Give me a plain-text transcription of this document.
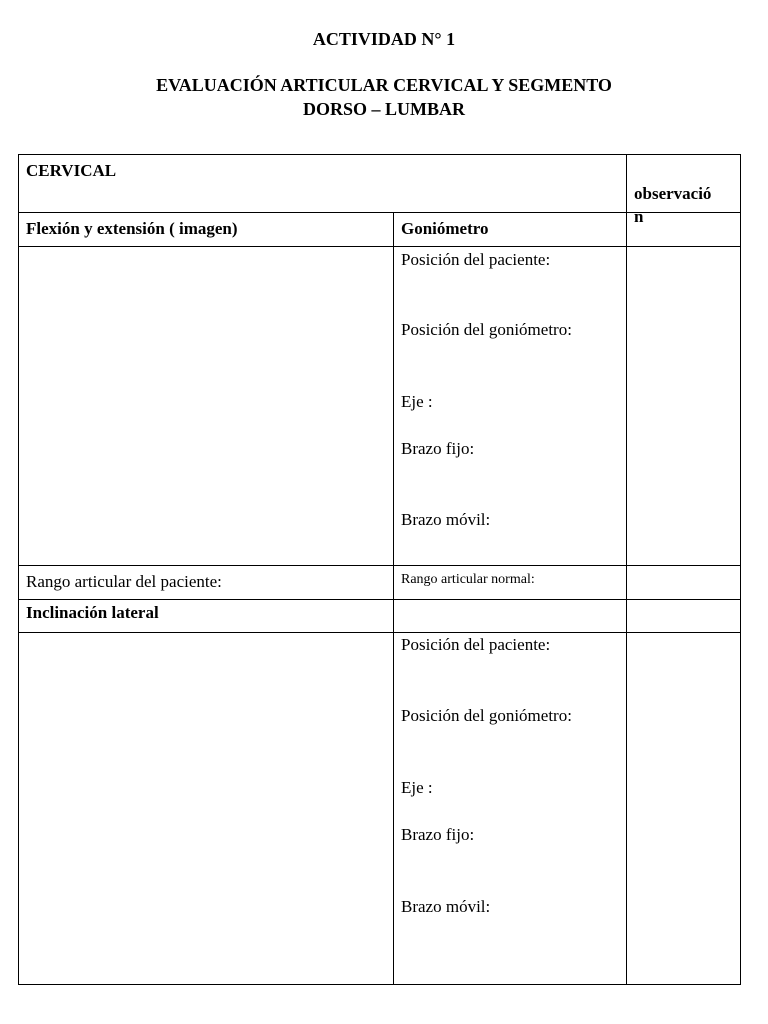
ACTIVIDAD N° 1
EVALUACIÓN ARTICULAR CERVICAL Y SEGMENTO
DORSO – LUMBAR
CERVICAL

observació
n

Flexión y extensión ( imagen)	Goniómetro
Posición del paciente:
Posición del goniómetro:
Eje :
Brazo fijo:
Brazo móvil:
Rango articular del paciente:	Rango articular normal:
Inclinación lateral
Posición del paciente:
Posición del goniómetro:
Eje :
Brazo fijo:
Brazo móvil:
